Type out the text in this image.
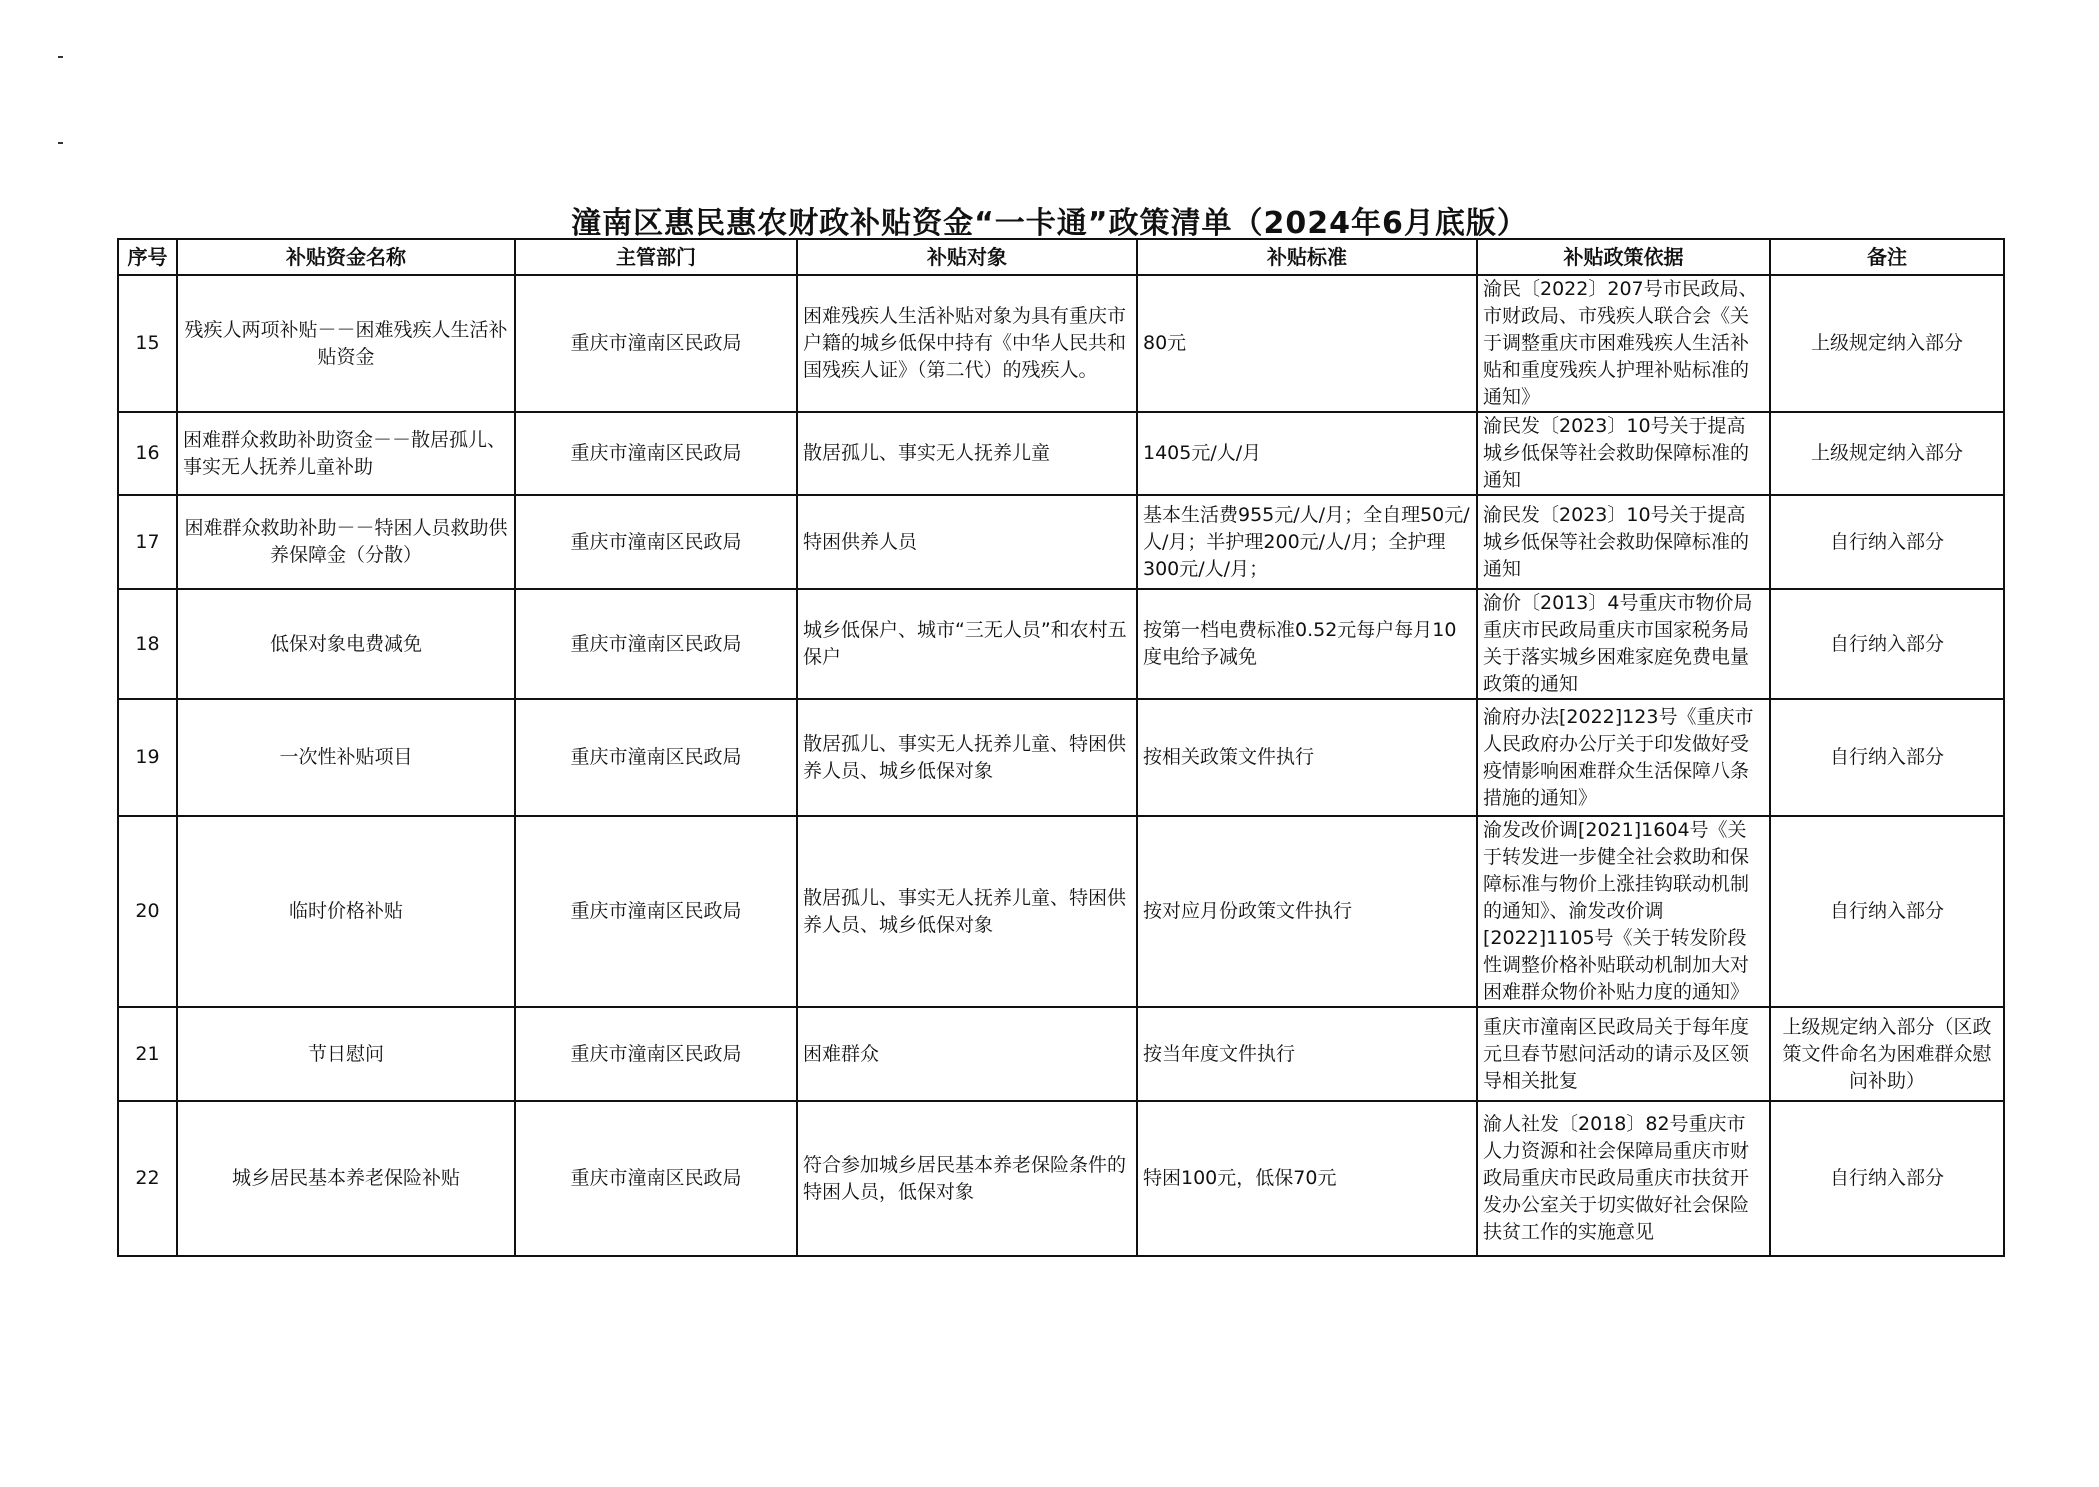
潼南区惠民惠农财政补贴资金“一卡通”政策清单（2024年6月底版）
序号	补贴资金名称	主管部门	补贴对象	补贴标准	补贴政策依据	备注
15	残疾人两项补贴－－困难残疾人生活补贴资金	重庆市潼南区民政局	困难残疾人生活补贴对象为具有重庆市户籍的城乡低保中持有《中华人民共和国残疾人证》（第二代）的残疾人。	80元	渝民〔2022〕207号市民政局、市财政局、市残疾人联合会《关于调整重庆市困难残疾人生活补贴和重度残疾人护理补贴标准的通知》	上级规定纳入部分
16	困难群众救助补助资金－－散居孤儿、事实无人抚养儿童补助	重庆市潼南区民政局	散居孤儿、事实无人抚养儿童	1405元/人/月	渝民发〔2023〕10号关于提高城乡低保等社会救助保障标准的通知	上级规定纳入部分
17	困难群众救助补助－－特困人员救助供养保障金（分散）	重庆市潼南区民政局	特困供养人员	基本生活费955元/人/月；全自理50元/人/月；半护理200元/人/月；全护理300元/人/月；	渝民发〔2023〕10号关于提高城乡低保等社会救助保障标准的通知	自行纳入部分
18	低保对象电费减免	重庆市潼南区民政局	城乡低保户、城市“三无人员”和农村五保户	按第一档电费标准0.52元每户每月10度电给予减免	渝价〔2013〕4号重庆市物价局重庆市民政局重庆市国家税务局关于落实城乡困难家庭免费电量政策的通知	自行纳入部分
19	一次性补贴项目	重庆市潼南区民政局	散居孤儿、事实无人抚养儿童、特困供养人员、城乡低保对象	按相关政策文件执行	渝府办法[2022]123号《重庆市人民政府办公厅关于印发做好受疫情影响困难群众生活保障八条措施的通知》	自行纳入部分
20	临时价格补贴	重庆市潼南区民政局	散居孤儿、事实无人抚养儿童、特困供养人员、城乡低保对象	按对应月份政策文件执行	渝发改价调[2021]1604号《关于转发进一步健全社会救助和保障标准与物价上涨挂钩联动机制的通知》、渝发改价调[2022]1105号《关于转发阶段性调整价格补贴联动机制加大对困难群众物价补贴力度的通知》	自行纳入部分
21	节日慰问	重庆市潼南区民政局	困难群众	按当年度文件执行	重庆市潼南区民政局关于每年度元旦春节慰问活动的请示及区领导相关批复	上级规定纳入部分（区政策文件命名为困难群众慰问补助）
22	城乡居民基本养老保险补贴	重庆市潼南区民政局	符合参加城乡居民基本养老保险条件的特困人员，低保对象	特困100元，低保70元	渝人社发〔2018〕82号重庆市人力资源和社会保障局重庆市财政局重庆市民政局重庆市扶贫开发办公室关于切实做好社会保险扶贫工作的实施意见	自行纳入部分
